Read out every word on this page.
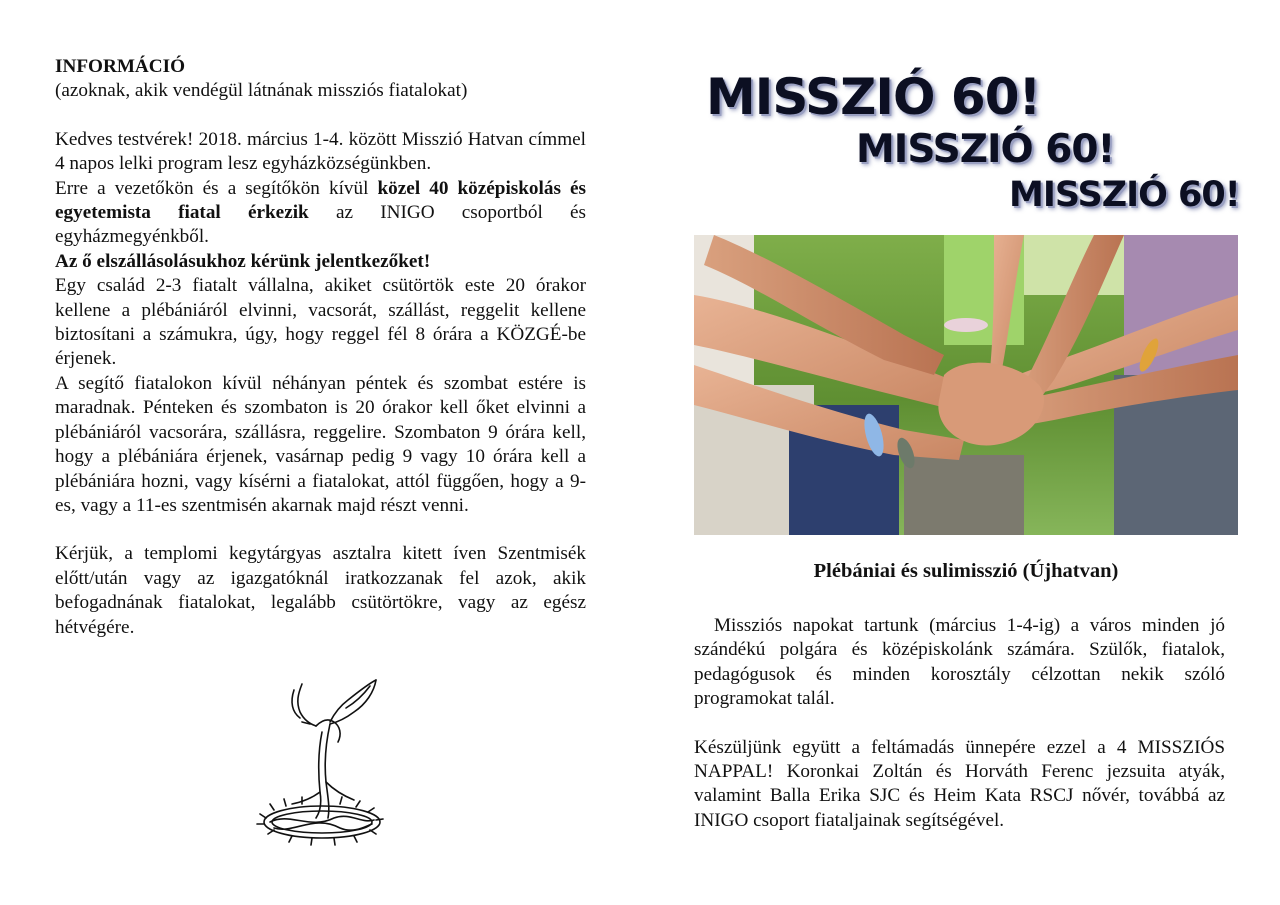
INFORMÁCIÓ

(azoknak, akik vendégül látnának missziós fiatalokat)

Kedves testvérek! 2018. március 1-4. között Misszió Hatvan címmel 4 napos lelki program lesz egyházközségünkben.

Erre a vezetőkön és a segítőkön kívül közel 40 középiskolás és egyetemista fiatal érkezik az INIGO csoportból és egyházmegyénkből.

Az ő elszállásolásukhoz kérünk jelentkezőket!

Egy család 2-3 fiatalt vállalna, akiket csütörtök este 20 órakor kellene a plébániáról elvinni, vacsorát, szállást, reggelit kellene biztosítani a számukra, úgy, hogy reggel fél 8 órára a KÖZGÉ-be érjenek.

A segítő fiatalokon kívül néhányan péntek és szombat estére is maradnak. Pénteken és szombaton is 20 órakor kell őket elvinni a plébániáról vacsorára, szállásra, reggelire. Szombaton 9 órára kell, hogy a plébániára érjenek, vasárnap pedig 9 vagy 10 órára kell a plébániára hozni, vagy kísérni a fiatalokat, attól függően, hogy a 9-es, vagy a 11-es szentmisén akarnak majd részt venni.

Kérjük, a templomi kegytárgyas asztalra kitett íven Szentmisék előtt/után vagy az igazgatóknál iratkozzanak fel azok, akik befogadnának fiatalokat, legalább csütörtökre, vagy az egész hétvégére.

MISSZIÓ 60!
MISSZIÓ 60!
MISSZIÓ 60!
Plébániai és sulimisszió (Újhatvan)

Missziós napokat tartunk (március 1-4-ig) a város minden jó szándékú polgára és középiskolánk számára. Szülők, fiatalok, pedagógusok és minden korosztály célzottan nekik szóló programokat talál.

Készüljünk együtt a feltámadás ünnepére ezzel a 4 MISSZIÓS NAPPAL! Koronkai Zoltán és Horváth Ferenc jezsuita atyák, valamint Balla Erika SJC és Heim Kata RSCJ nővér, továbbá az INIGO csoport fiataljainak segítségével.
